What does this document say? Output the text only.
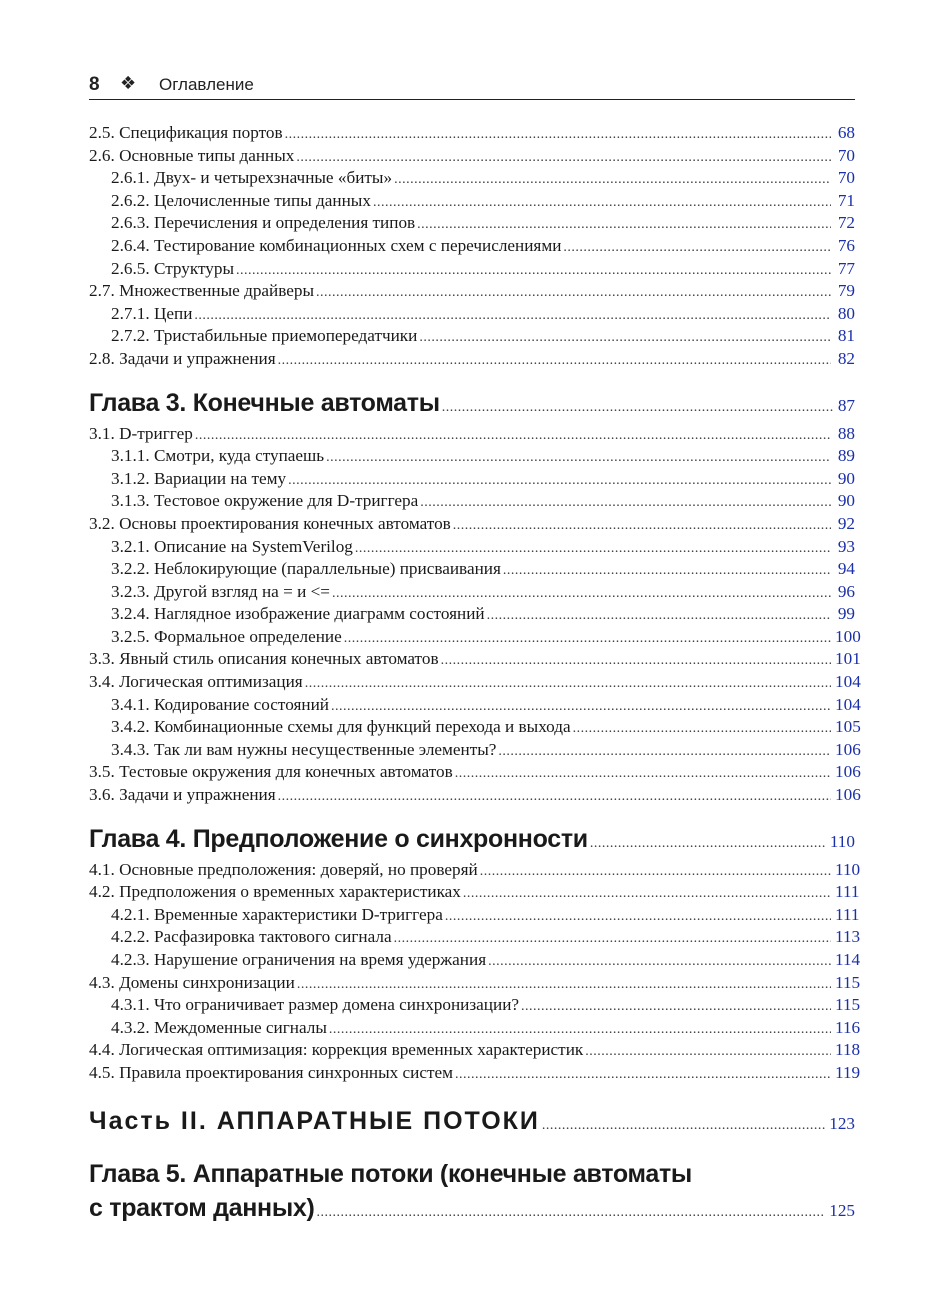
8 ❖ Оглавление
2.5. Спецификация портов .....	68
2.6. Основные типы данных .....	70
2.6.1. Двух- и четырехзначные «биты» .....	70
2.6.2. Целочисленные типы данных .....	71
2.6.3. Перечисления и определения типов .....	72
2.6.4. Тестирование комбинационных схем с перечислениями .....	76
2.6.5. Структуры .....	77
2.7. Множественные драйверы .....	79
2.7.1. Цепи .....	80
2.7.2. Тристабильные приемопередатчики .....	81
2.8. Задачи и упражнения .....	82
Глава 3. Конечные автоматы .....	87
3.1. D-триггер .....	88
3.1.1. Смотри, куда ступаешь .....	89
3.1.2. Вариации на тему .....	90
3.1.3. Тестовое окружение для D-триггера .....	90
3.2. Основы проектирования конечных автоматов .....	92
3.2.1. Описание на SystemVerilog .....	93
3.2.2. Неблокирующие (параллельные) присваивания .....	94
3.2.3. Другой взгляд на = и <= .....	96
3.2.4. Наглядное изображение диаграмм состояний .....	99
3.2.5. Формальное определение .....	100
3.3. Явный стиль описания конечных автоматов .....	101
3.4. Логическая оптимизация .....	104
3.4.1. Кодирование состояний .....	104
3.4.2. Комбинационные схемы для функций перехода и выхода .....	105
3.4.3. Так ли вам нужны несущественные элементы? .....	106
3.5. Тестовые окружения для конечных автоматов .....	106
3.6. Задачи и упражнения .....	106
Глава 4. Предположение о синхронности .....	110
4.1. Основные предположения: доверяй, но проверяй .....	110
4.2. Предположения о временных характеристиках .....	111
4.2.1. Временные характеристики D-триггера .....	111
4.2.2. Расфазировка тактового сигнала .....	113
4.2.3. Нарушение ограничения на время удержания .....	114
4.3. Домены синхронизации .....	115
4.3.1. Что ограничивает размер домена синхронизации? .....	115
4.3.2. Междоменные сигналы .....	116
4.4. Логическая оптимизация: коррекция временных характеристик .....	118
4.5. Правила проектирования синхронных систем .....	119
Часть II. АППАРАТНЫЕ ПОТОКИ .....	123
Глава 5. Аппаратные потоки (конечные автоматы
с трактом данных) .....	125
